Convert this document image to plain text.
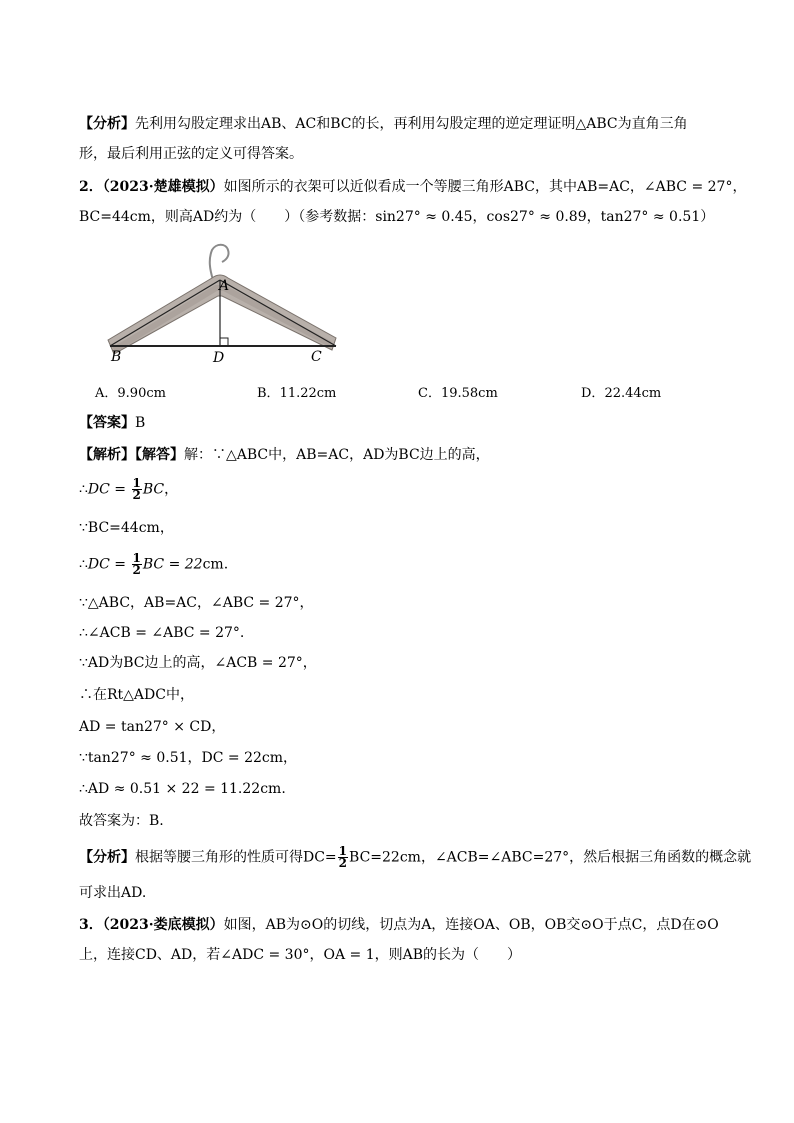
【分析】先利用勾股定理求出AB、AC和BC的长，再利用勾股定理的逆定理证明△ABC为直角三角
形，最后利用正弦的定义可得答案。
2．（2023·楚雄模拟）如图所示的衣架可以近似看成一个等腰三角形ABC，其中AB=AC，∠ABC = 27°，
BC=44cm，则高AD约为（　　）（参考数据：sin27° ≈ 0.45，cos27° ≈ 0.89，tan27° ≈ 0.51）
A
B	D	C
A．9.90cm	B．11.22cm	C．19.58cm	D．22.44cm
【答案】B
【解析】【解答】解：∵△ABC中，AB=AC，AD为BC边上的高，
∴DC = $\frac{1}{2}$ BC，
∵BC=44cm，
∴DC = $\frac{1}{2}$ BC = 22cm.
∵△ABC，AB=AC，∠ABC = 27°，
∴∠ACB = ∠ABC = 27°.
∵AD为BC边上的高，∠ACB = 27°，
∴在Rt△ADC中，
AD = tan27° × CD，
∵tan27° ≈ 0.51，DC = 22cm，
∴AD ≈ 0.51 × 22 = 11.22cm.
故答案为：B.
【分析】根据等腰三角形的性质可得$DC= \frac{1}{2} BC=22cm$，∠ACB=∠ABC=27°，然后根据三角函数的概念就
可求出AD.
3．（2023·娄底模拟）如图，AB为⊙O的切线，切点为A，连接OA、OB，OB交⊙O于点C，点D在⊙O
上，连接CD、AD，若∠ADC = 30°，OA = 1，则AB的长为（　　）
